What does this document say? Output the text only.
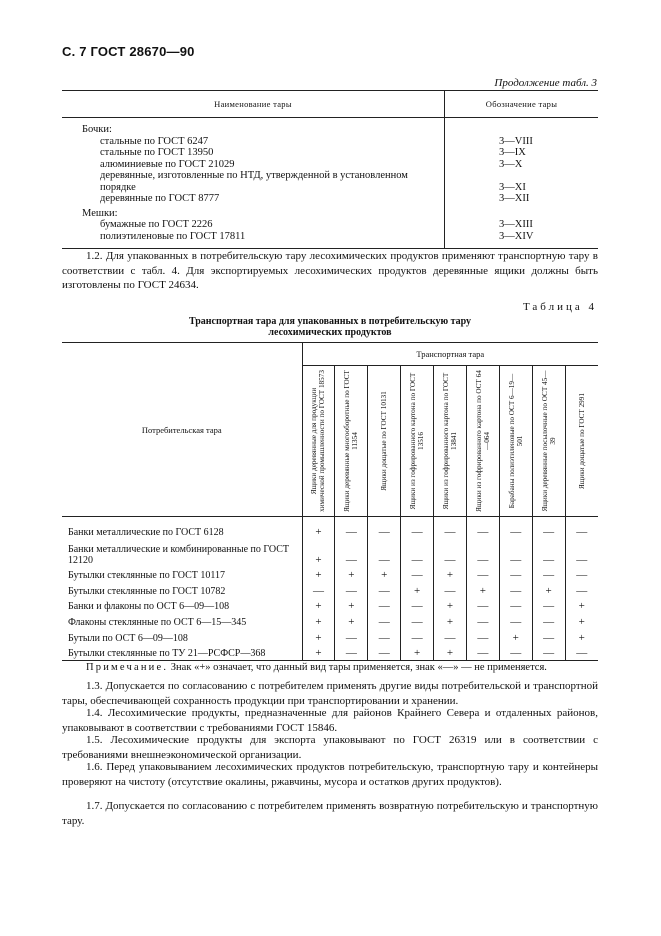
С. 7 ГОСТ 28670—90
Продолжение табл. 3
Наименование тары	Обозначение тары

Бочки:	

стальные по ГОСТ 6247	3—VIII

стальные по ГОСТ 13950	3—IX

алюминиевые по ГОСТ 21029	3—X

деревянные, изготовленные по НТД, утвержденной в установленном порядке	3—XI

деревянные по ГОСТ 8777	3—XII

Мешки:	

бумажные по ГОСТ 2226	3—XIII

полиэтиленовые по ГОСТ 17811	3—XIV

1.2. Для упакованных в потребительскую тару лесохимических продуктов применяют транспортную тару в соответствии с табл. 4. Для экспортируемых лесохимических продуктов деревянные ящики должны быть изготовлены по ГОСТ 24634.

Таблица 4
Транспортная тара для упакованных в потребительскую тару
лесохимических продуктов
Потребительская тара	Транспортная тара								

	Ящики деревянные для продукции химической промышленности по ГОСТ 18573	Ящики деревянные многооборотные по ГОСТ 11354	Ящики дощатые по ГОСТ 10131	Ящики из гофрированного картона по ГОСТ 13516	Ящики из гофрированного картона по ГОСТ 13841	Ящики из гофрированного картона по ОСТ 64—064	Барабаны полиэтиленовые по ОСТ 6—19—501	Ящики деревянные посылочные по ОСТ 45—39	Ящики дощатые по ГОСТ 2991

Банки металлические по ГОСТ 6128	+	—	—	—	—	—	—	—	—
Банки металлические и комбинированные по ГОСТ 12120	+	—	—	—	—	—	—	—	—
Бутылки стеклянные по ГОСТ 10117	+	+	+	—	+	—	—	—	—
Бутылки стеклянные по ГОСТ 10782	—	—	—	+	—	+	—	+	—
Банки и флаконы по ОСТ 6—09—108	+	+	—	—	+	—	—	—	+
Флаконы стеклянные по ОСТ 6—15—345	+	+	—	—	+	—	—	—	+
Бутыли по ОСТ 6—09—108	+	—	—	—	—	—	+	—	+
Бутылки стеклянные по ТУ 21—РСФСР—368	+	—	—	+	+	—	—	—	—
Примечание. Знак «+» означает, что данный вид тары применяется, знак «—» — не применяется.

1.3. Допускается по согласованию с потребителем применять другие виды потребительской и транспортной тары, обеспечивающей сохранность продукции при транспортировании и хранении.

1.4. Лесохимические продукты, предназначенные для районов Крайнего Севера и отдаленных районов, упаковывают в соответствии с требованиями ГОСТ 15846.

1.5. Лесохимические продукты для экспорта упаковывают по ГОСТ 26319 или в соответствии с требованиями внешнеэкономической организации.

1.6. Перед упаковыванием лесохимических продуктов потребительскую, транспортную тару и контейнеры проверяют на чистоту (отсутствие окалины, ржавчины, мусора и остатков других продуктов).

1.7. Допускается по согласованию с потребителем применять возвратную потребительскую и транспортную тару.
